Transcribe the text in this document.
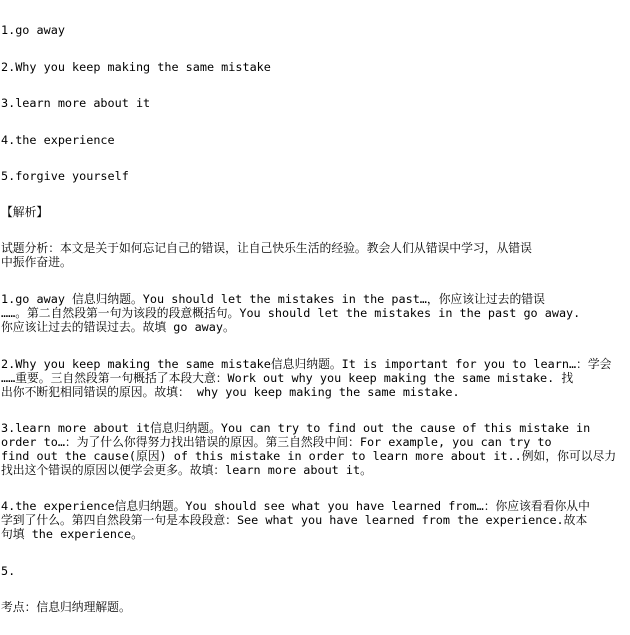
1.go away
2.Why you keep making the same mistake
3.learn more about it
4.the experience
5.forgive yourself
【解析】
试题分析：本文是关于如何忘记自己的错误，让自己快乐生活的经验。教会人们从错误中学习，从错误
中振作奋进。
1.go away 信息归纳题。You should let the mistakes in the past…，你应该让过去的错误
……。第二自然段第一句为该段的段意概括句。You should let the mistakes in the past go away.
你应该让过去的错误过去。故填 go away。
2.Why you keep making the same mistake信息归纳题。It is important for you to learn…：学会
……重要。三自然段第一句概括了本段大意：Work out why you keep making the same mistake. 找
出你不断犯相同错误的原因。故填： why you keep making the same mistake.
3.learn more about it信息归纳题。You can try to find out the cause of this mistake in
order to…：为了什么你得努力找出错误的原因。第三自然段中间：For example, you can try to
find out the cause(原因) of this mistake in order to learn more about it..例如，你可以尽力
找出这个错误的原因以便学会更多。故填：learn more about it。
4.the experience信息归纳题。You should see what you have learned from…：你应该看看你从中
学到了什么。第四自然段第一句是本段段意：See what you have learned from the experience.故本
句填 the experience。
5.
考点：信息归纳理解题。
